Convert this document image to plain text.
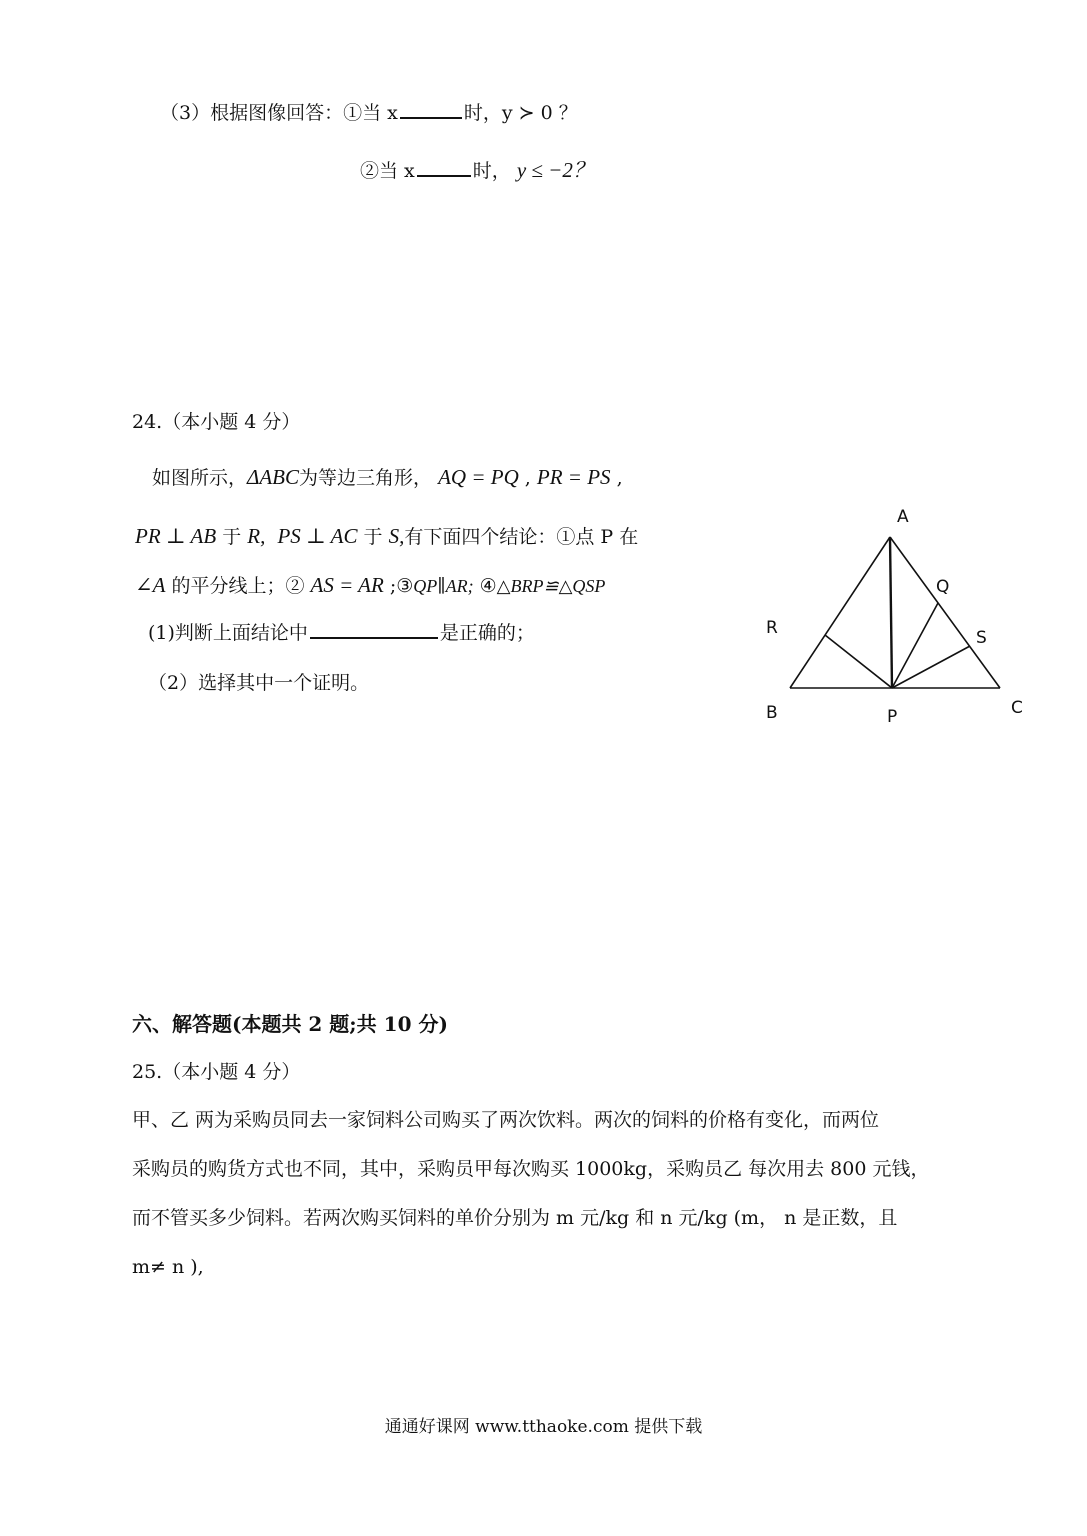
（3）根据图像回答：①当 x	时，y ≻ 0 ？
②当 x	时， y ≤ −2？
24.（本小题 4 分）
如图所示，ΔABC为等边三角形， AQ = PQ , PR = PS ,
PR ⊥ AB 于 R, PS ⊥ AC 于 S,有下面四个结论：①点 P 在
∠A 的平分线上；② AS = AR ;③QP∥AR; ④△BRP≌△QSP
(1)判断上面结论中	是正确的；
（2）选择其中一个证明。
A
B	C
P
Q
R	S
六、解答题(本题共 2 题;共 10 分)
25.（本小题 4 分）
甲、乙 两为采购员同去一家饲料公司购买了两次饮料。两次的饲料的价格有变化，而两位
采购员的购货方式也不同，其中，采购员甲每次购买 1000kg，采购员乙 每次用去 800 元钱，
而不管买多少饲料。若两次购买饲料的单价分别为 m 元/kg 和 n 元/kg (m， n 是正数，且
m≠ n ),
通通好课网 www.tthaoke.com 提供下载
